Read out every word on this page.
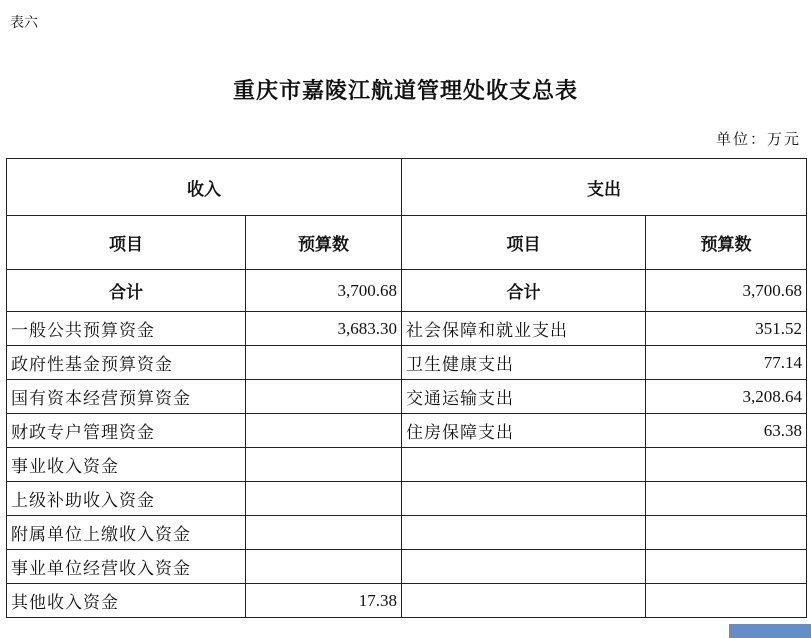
表六
重庆市嘉陵江航道管理处收支总表
单位：万元
收入		支出	
项目	预算数	项目	预算数
合计	3,700.68	合计	3,700.68
一般公共预算资金	3,683.30	社会保障和就业支出	351.52
政府性基金预算资金		卫生健康支出	77.14
国有资本经营预算资金		交通运输支出	3,208.64
财政专户管理资金		住房保障支出	63.38
事业收入资金			
上级补助收入资金			
附属单位上缴收入资金			
事业单位经营收入资金			
其他收入资金	17.38		
